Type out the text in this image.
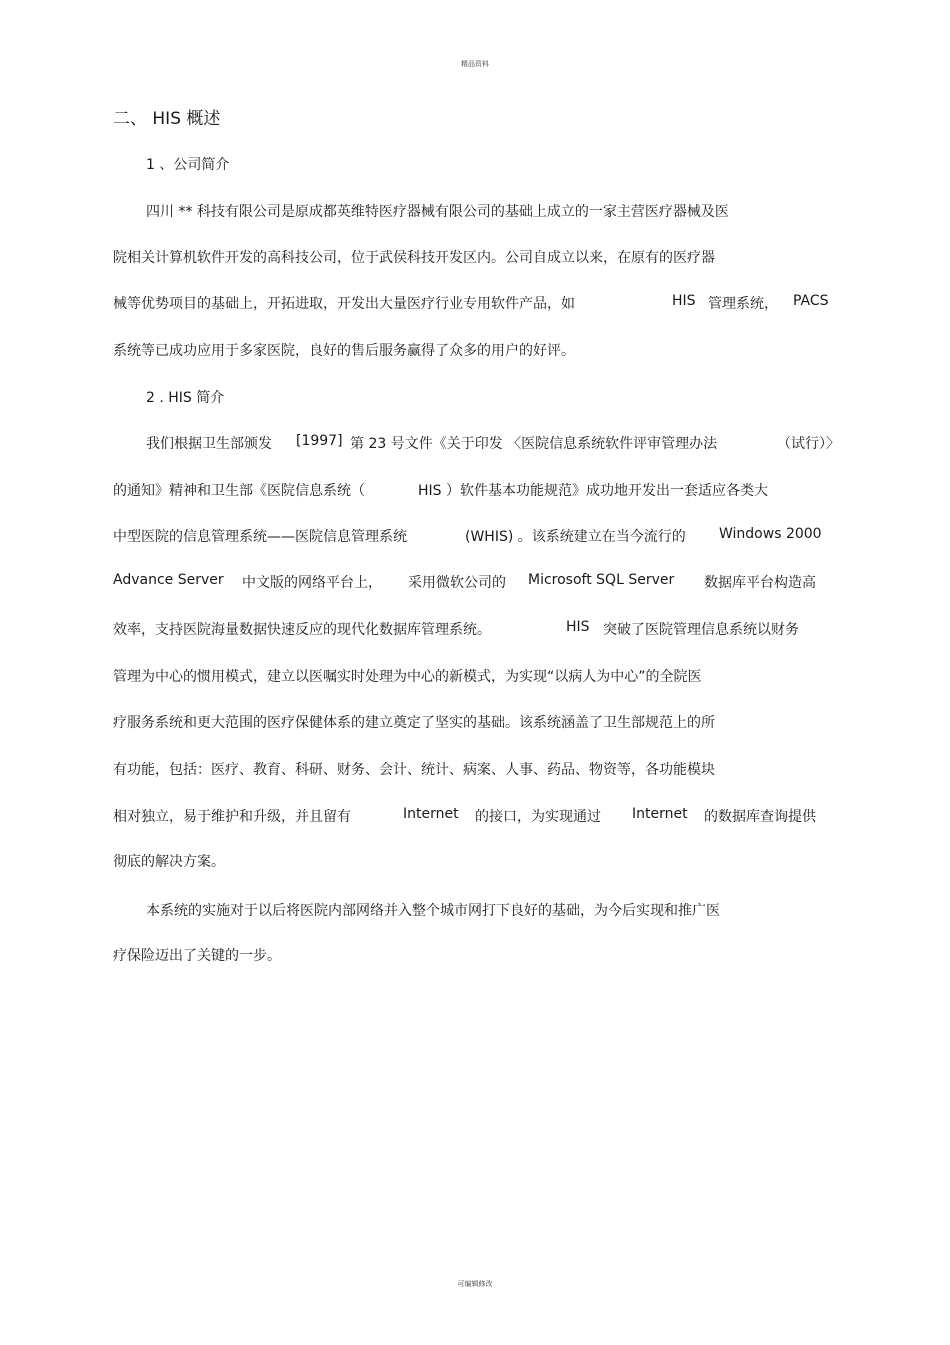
精品资料
二、 HIS 概述
1 、公司简介
四川 ** 科技有限公司是原成都英维特医疗器械有限公司的基础上成立的一家主营医疗器械及医
院相关计算机软件开发的高科技公司，位于武侯科技开发区内。公司自成立以来，在原有的医疗器
械等优势项目的基础上，开拓进取，开发出大量医疗行业专用软件产品，如	HIS 管理系统， PACS
系统等已成功应用于多家医院，良好的售后服务赢得了众多的用户的好评。
2 . HIS 简介
我们根据卫生部颁发 [1997] 第 23 号文件《关于印发 〈医院信息系统软件评审管理办法	（试行）〉
的通知》精神和卫生部《医院信息系统（	HIS ）软件基本功能规范》成功地开发出一套适应各类大
中型医院的信息管理系统——医院信息管理系统	(WHIS) 。该系统建立在当今流行的 Windows 2000
Advance Server 中文版的网络平台上， 采用微软公司的 Microsoft SQL Server 数据库平台构造高
效率，支持医院海量数据快速反应的现代化数据库管理系统。	HIS 突破了医院管理信息系统以财务
管理为中心的惯用模式，建立以医嘱实时处理为中心的新模式，为实现“以病人为中心”的全院医
疗服务系统和更大范围的医疗保健体系的建立奠定了坚实的基础。该系统涵盖了卫生部规范上的所
有功能，包括：医疗、教育、科研、财务、会计、统计、病案、人事、药品、物资等，各功能模块
相对独立，易于维护和升级，并且留有	Internet 的接口，为实现通过 Internet 的数据库查询提供
彻底的解决方案。
本系统的实施对于以后将医院内部网络并入整个城市网打下良好的基础，为今后实现和推广医
疗保险迈出了关键的一步。
可编辑修改
